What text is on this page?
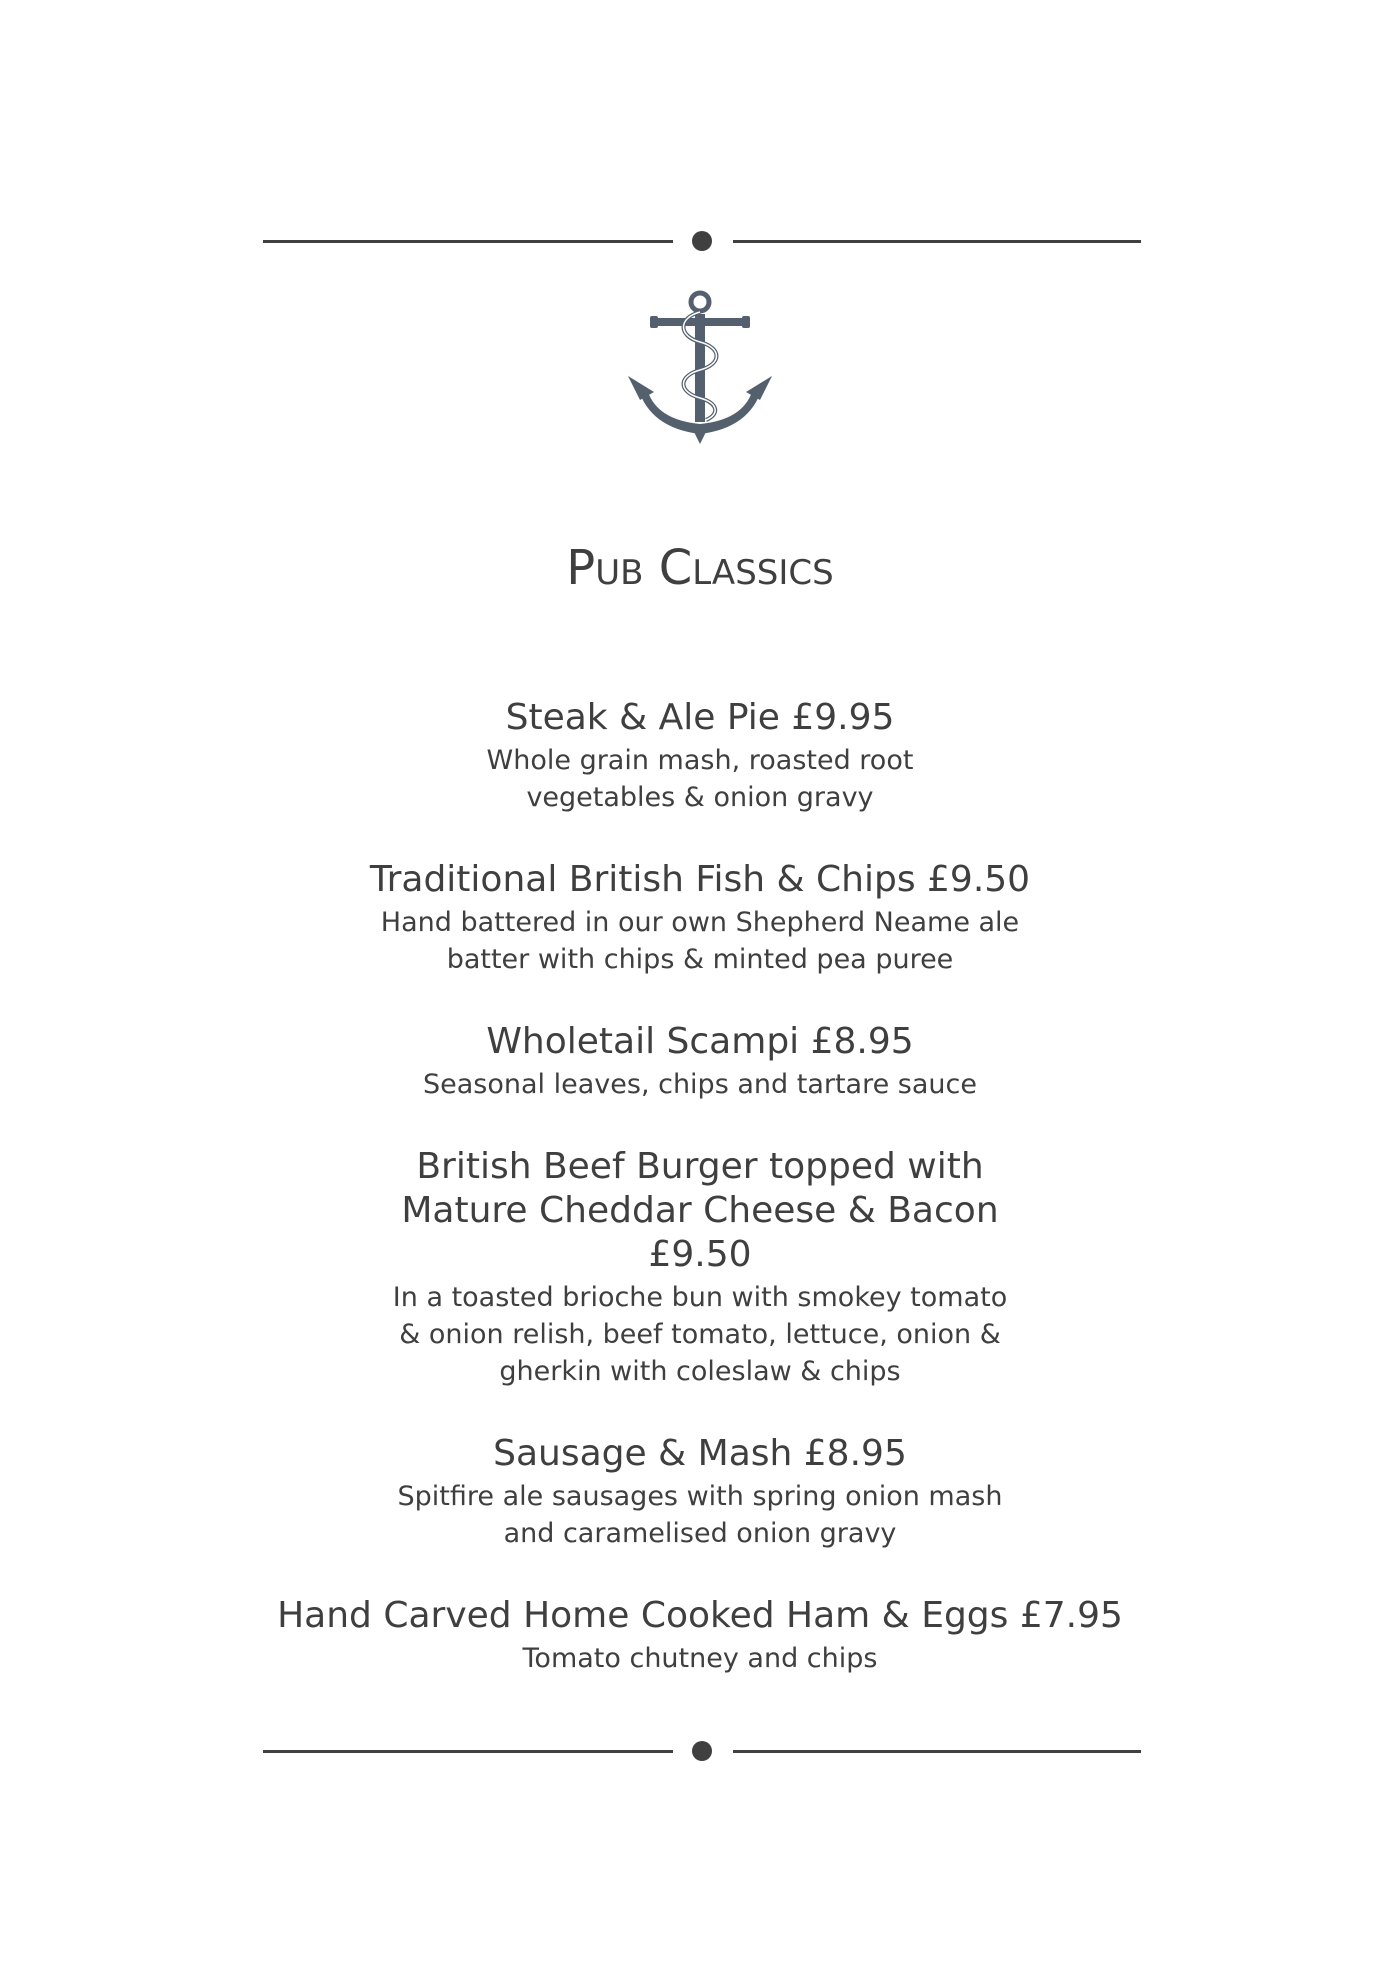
Pub Classics
Steak & Ale Pie £9.95
Whole grain mash, roasted root vegetables & onion gravy
Traditional British Fish & Chips £9.50
Hand battered in our own Shepherd Neame ale batter with chips & minted pea puree
Wholetail Scampi £8.95
Seasonal leaves, chips and tartare sauce
British Beef Burger topped with Mature Cheddar Cheese & Bacon £9.50
In a toasted brioche bun with smokey tomato & onion relish, beef tomato, lettuce, onion & gherkin with coleslaw & chips
Sausage & Mash £8.95
Spitfire ale sausages with spring onion mash and caramelised onion gravy
Hand Carved Home Cooked Ham & Eggs £7.95
Tomato chutney and chips
